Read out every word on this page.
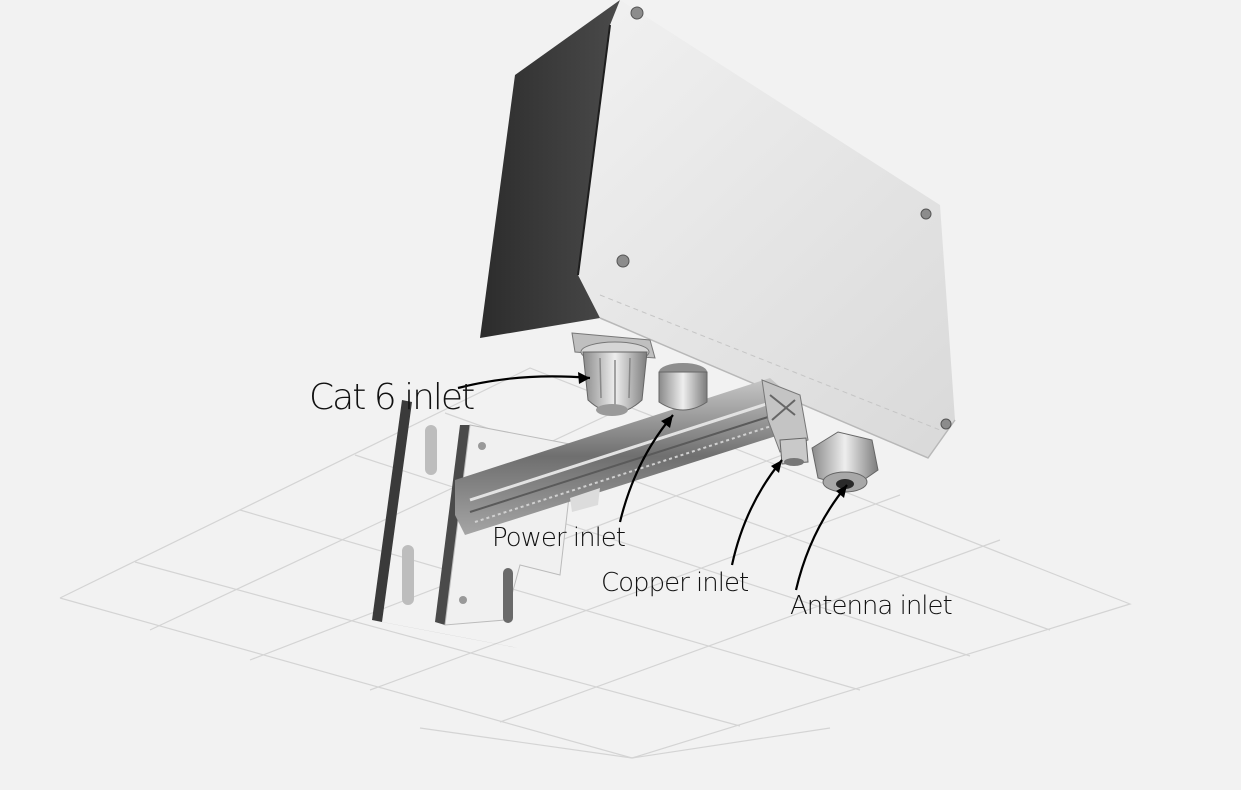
Cat 6 inlet
Power inlet
Copper inlet
Antenna inlet
